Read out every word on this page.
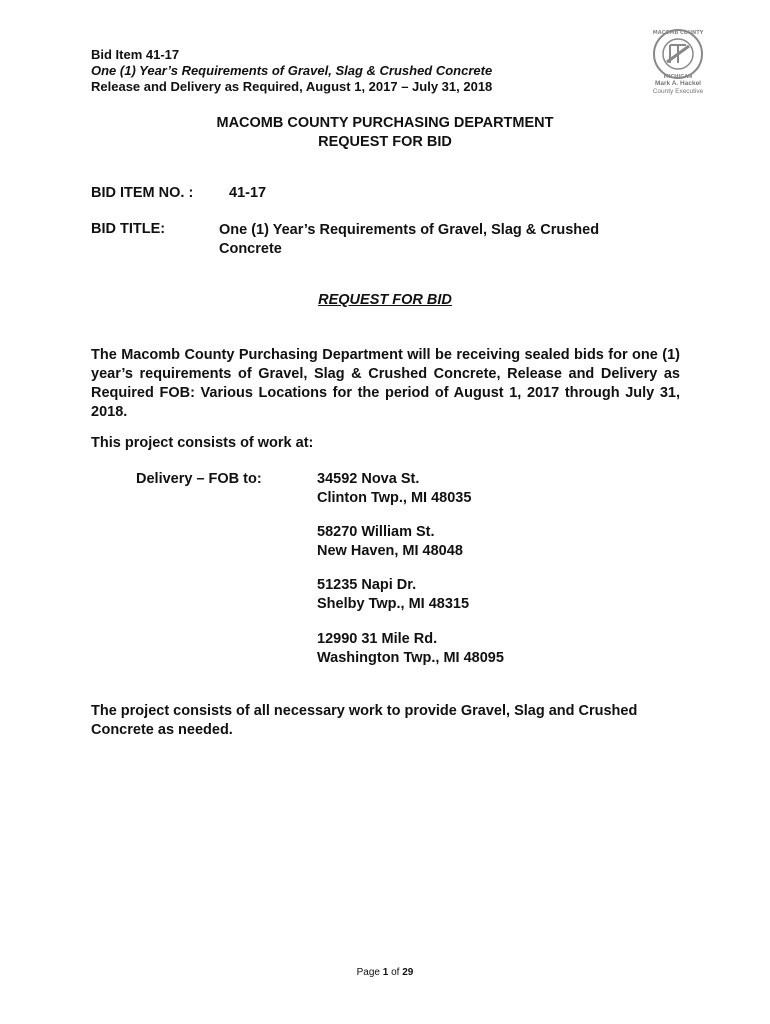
Bid Item 41-17
One (1) Year’s Requirements of Gravel, Slag & Crushed Concrete
Release and Delivery as Required, August 1, 2017 – July 31, 2018
MACOMB COUNTY
MICHIGAN
Mark A. Hackel
County Executive
MACOMB COUNTY PURCHASING DEPARTMENT
REQUEST FOR BID
BID ITEM NO. : 41-17
BID TITLE:	One (1) Year’s Requirements of Gravel, Slag & Crushed
Concrete
REQUEST FOR BID
The Macomb County Purchasing Department will be receiving sealed bids for one (1) year’s requirements of Gravel, Slag & Crushed Concrete, Release and Delivery as Required FOB: Various Locations for the period of August 1, 2017 through July 31, 2018.
This project consists of work at:
Delivery – FOB to:	34592 Nova St.
Clinton Twp., MI 48035
58270 William St.
New Haven, MI 48048
51235 Napi Dr.
Shelby Twp., MI 48315
12990 31 Mile Rd.
Washington Twp., MI 48095
The project consists of all necessary work to provide Gravel, Slag and Crushed Concrete as needed.
Page 1 of 29
